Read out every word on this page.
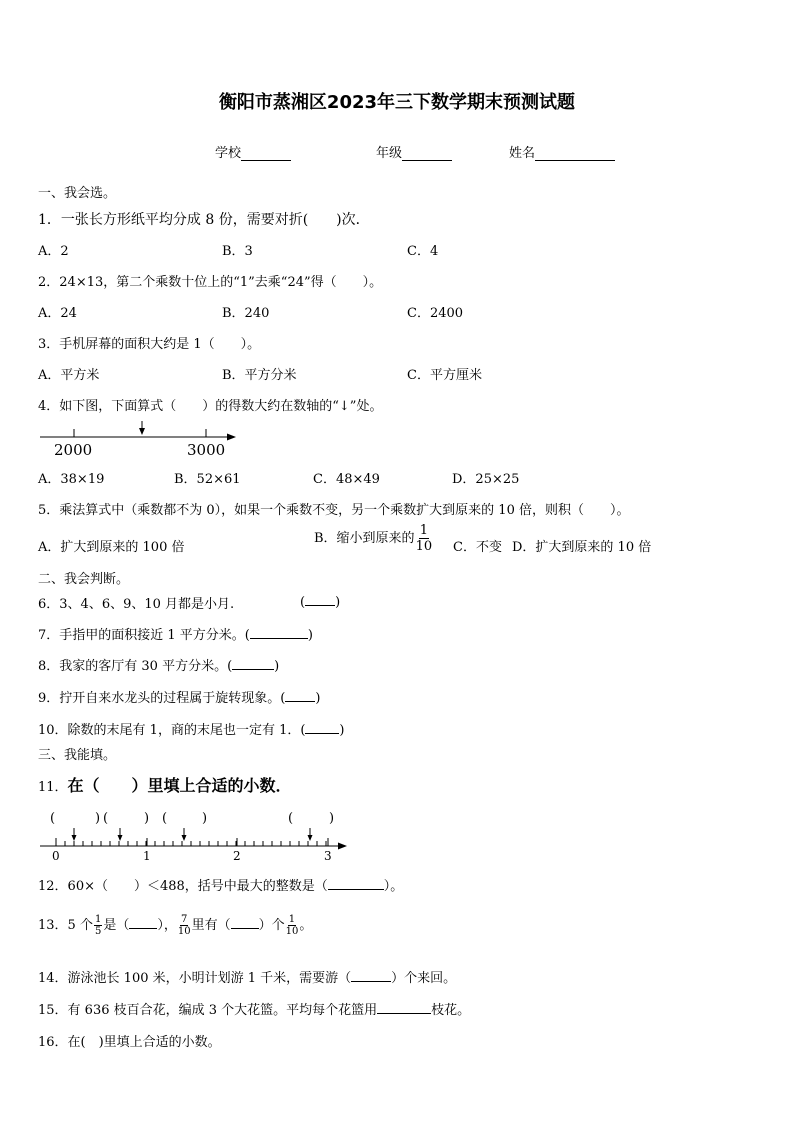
衡阳市蒸湘区2023年三下数学期末预测试题
学校	年级	姓名
一、我会选。
1．一张长方形纸平均分成 8 份，需要对折(　　)次．
A．2	B．3	C．4
2．24×13，第二个乘数十位上的“1”去乘“24”得（　　）。
A．24	B．240	C．2400
3．手机屏幕的面积大约是 1（　　）。
A．平方米	B．平方分米	C．平方厘米
4．如下图，下面算式（　　）的得数大约在数轴的“↓”处。
2000	3000
A．38×19	B．52×61	C．48×49	D．25×25
5．乘法算式中（乘数都不为 0），如果一个乘数不变，另一个乘数扩大到原来的 10 倍，则积（　　）。
A．扩大到原来的 100 倍
B．缩小到原来的 $\frac{1}{10}$ C．不变 D．扩大到原来的 10 倍
二、我会判断。
6．3、4、6、9、10 月都是小月.	( )
7．手指甲的面积接近 1 平方分米。(	)
8．我家的客厅有 30 平方分米。(	)
9．拧开自来水龙头的过程属于旋转现象。( )
10．除数的末尾有 1，商的末尾也一定有 1．(	)
三、我能填。
11．在（　　）里填上合适的小数．
0	1	2	3
(	) (	) (	)	(	)
12．60×（　　）＜488，括号中最大的整数是（	）。
13．5 个 $\frac{1}{5}$ 是（ ）， $\frac{7}{10}$ 里有（ ）个 $\frac{1}{10}$ 。
14．游泳池长 100 米，小明计划游 1 千米，需要游（	）个来回。
15．有 636 枝百合花，编成 3 个大花篮。平均每个花篮用	枝花。
16．在(　)里填上合适的小数。
